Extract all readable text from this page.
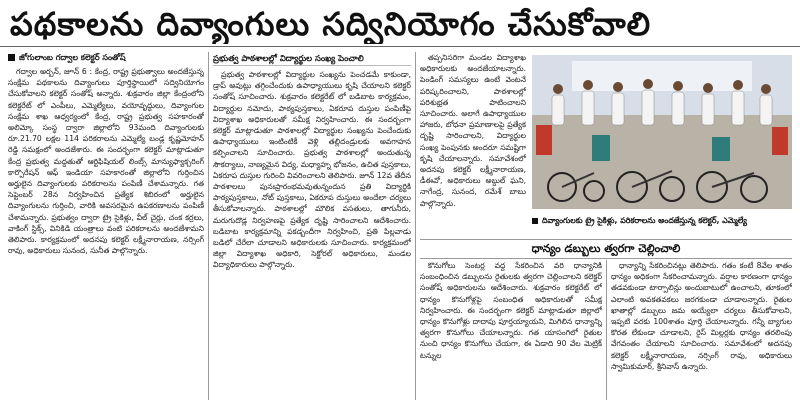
పథకాలను దివ్యాంగులు సద్వినియోగం చేసుకోవాలి
జోగులాంబ గద్వాల కలెక్టర్ సంతోష్

గద్వాల అర్బన్, జూన్ 6 : కేంద్ర, రాష్ట్ర ప్రభుత్వాలు అందజేస్తున్న సంక్షేమ పథకాలను దివ్యాంగులు పూర్తిస్థాయిలో సద్వినియోగం చేసుకోవాలని కలెక్టర్ సంతోష్ అన్నారు. శుక్రవారం జిల్లా కేంద్రంలోని కలెక్టరేట్ లో ఎంపీలు, ఎమ్మెల్యేలు, వయోవృద్ధులు, దివ్యాంగుల సంక్షేమ శాఖ ఆధ్వర్యంలో కేంద్ర, రాష్ట్ర ప్రభుత్వ సహకారంతో అలిమ్కో సంస్థ ద్వారా జిల్లాలోని 93మంది దివ్యాంగులకు రూ.21.70 లక్షల 114 పరికరాలను ఎమ్మెల్యే బండ్ల కృష్ణమోహన్ రెడ్డి సమక్షంలో అందజేశారు. ఈ సందర్భంగా కలెక్టర్ మాట్లాడుతూ కేంద్ర ప్రభుత్వ మద్దతుతో ఆర్టిఫిషియల్ లింబ్స్ మాన్యుఫ్యాక్చరింగ్ కార్పొరేషన్ ఆఫ్ ఇండియా సహకారంతో జిల్లాలోని గుర్తించిన అర్హులైన దివ్యాంగులకు పరికరాలను పంపిణీ చేశామన్నారు. గత సెప్టెంబర్ 28న నిర్వహించిన ప్రత్యేక శిబిరంలో అర్హులైన దివ్యాంగులను గుర్తించి, వారికి అవసరమైన ఉపకరణాలను పంపిణీ చేశామన్నారు. ప్రభుత్వం ద్వారా ట్రై సైకిళ్లు, వీల్ చైర్లు, చంక కర్రలు, వాకింగ్ స్టిక్స్, వినికిడి యంత్రాలు వంటి పరికరాలను అందజేశామని తెలిపారు. కార్యక్రమంలో అదనపు కలెక్టర్ లక్ష్మీనారాయణ, నర్సింగ్ రావు, అధికారులు సునంద, సునీత పాల్గొన్నారు.

ప్రభుత్వ పాఠశాలల్లో విద్యార్థుల సంఖ్య పెంచాలి

ప్రభుత్వ పాఠశాలల్లో విద్యార్థుల సంఖ్యను పెంచడమే కాకుండా, డ్రాప్ అవుట్లు తగ్గించేందుకు ఉపాధ్యాయులు కృషి చేయాలని కలెక్టర్ సంతోష్ సూచించారు. శుక్రవారం కలెక్టరేట్ లో బడిబాట కార్యక్రమం, విద్యార్థుల నమోదు, పాఠ్యపుస్తకాలు, ఏకరూప దుస్తుల పంపిణీపై విద్యాశాఖ అధికారులతో సమీక్ష నిర్వహించారు. ఈ సందర్భంగా కలెక్టర్ మాట్లాడుతూ పాఠశాలల్లో విద్యార్థుల సంఖ్యను పెంచేందుకు ఉపాధ్యాయులు ఇంటింటికీ వెళ్లి తల్లిదండ్రులకు అవగాహన కల్పించాలని సూచించారు. ప్రభుత్వ పాఠశాలల్లో అందుతున్న సౌకర్యాలు, నాణ్యమైన విద్య, మధ్యాహ్న భోజనం, ఉచిత పుస్తకాలు, ఏకరూప దుస్తుల గురించి వివరించాలని తెలిపారు. జూన్ 12వ తేదీన పాఠశాలలు పునఃప్రారంభమవుతున్నందున ప్రతి విద్యార్థికి పాఠ్యపుస్తకాలు, నోట్ పుస్తకాలు, ఏకరూప దుస్తులు అందేలా చర్యలు తీసుకోవాలన్నారు. పాఠశాలల్లో మౌలిక వసతులు, తాగునీరు, మరుగుదొడ్ల నిర్వహణపై ప్రత్యేక దృష్టి సారించాలని ఆదేశించారు. బడిబాట కార్యక్రమాన్ని పకడ్బందీగా నిర్వహించి, ప్రతి పిల్లవాడు బడిలో చేరేలా చూడాలని అధికారులకు సూచించారు. కార్యక్రమంలో జిల్లా విద్యాశాఖ అధికారి, సెక్టోరల్ అధికారులు, మండల విద్యాధికారులు పాల్గొన్నారు.

తప్పనిసరిగా మండల విద్యాశాఖ అధికారులకు అందజేయాలన్నారు. పెండింగ్ సమస్యలు ఉంటే వెంటనే పరిష్కరించాలని, పాఠశాలల్లో పరిశుభ్రత పాటించాలని సూచించారు. అలాగే ఉపాధ్యాయుల హాజరు, బోధనా ప్రమాణాలపై ప్రత్యేక దృష్టి సారించాలని, విద్యార్థుల సంఖ్య పెంపునకు అందరూ సమష్టిగా కృషి చేయాలన్నారు. సమావేశంలో అదనపు కలెక్టర్ లక్ష్మీనారాయణ, డీఈవో, అధికారులు అబ్దుల్ ఘని, నాగేంద్ర, సునంద, రమేశ్ బాబు పాల్గొన్నారు.

దివ్యాంగులకు ట్రై సైకిళ్లు, పరికరాలను అందజేస్తున్న కలెక్టర్, ఎమ్మెల్యే
ధాన్యం డబ్బులు త్వరగా చెల్లించాలి

కొనుగోలు సెంటర్ల వద్ద సేకరించిన వరి ధాన్యానికి సంబంధించిన డబ్బులను రైతులకు త్వరగా చెల్లించాలని కలెక్టర్ సంతోష్ అధికారులను ఆదేశించారు. శుక్రవారం కలెక్టరేట్ లో ధాన్యం కొనుగోళ్లపై సంబంధిత అధికారులతో సమీక్ష నిర్వహించారు. ఈ సందర్భంగా కలెక్టర్ మాట్లాడుతూ జిల్లాలో ధాన్యం కొనుగోళ్లు దాదాపు పూర్తయ్యాయని, మిగిలిన ధాన్యాన్ని త్వరగా కొనుగోలు చేయాలన్నారు. గత యాసంగిలో రైతుల నుంచి ధాన్యం కొనుగోలు చేయగా, ఈ ఏడాది 90 వేల మెట్రిక్ టన్నుల

ధాన్యాన్ని సేకరించినట్లు తెలిపారు. గతం కంటే 8వేల శాతం ధాన్యం అధికంగా సేకరించామన్నారు. వర్షాల కారణంగా ధాన్యం తడవకుండా టార్పాలిన్లు అందుబాటులో ఉంచాలని, తూకంలో ఎలాంటి అవకతవకలు జరగకుండా చూడాలన్నారు. రైతుల ఖాతాల్లో డబ్బులు జమ అయ్యేలా చర్యలు తీసుకోవాలని, ఇప్పటి వరకు 100శాతం పూర్తి చేయాలన్నారు. గన్నీ బ్యాగుల కొరత లేకుండా చూడాలని, రైస్ మిల్లర్లకు ధాన్యం తరలింపు వేగవంతం చేయాలని సూచించారు. సమావేశంలో అదనపు కలెక్టర్ లక్ష్మీనారాయణ, నర్సింగ్ రావు, అధికారులు స్వామికుమార్, శ్రీనివాస్ ఉన్నారు.
